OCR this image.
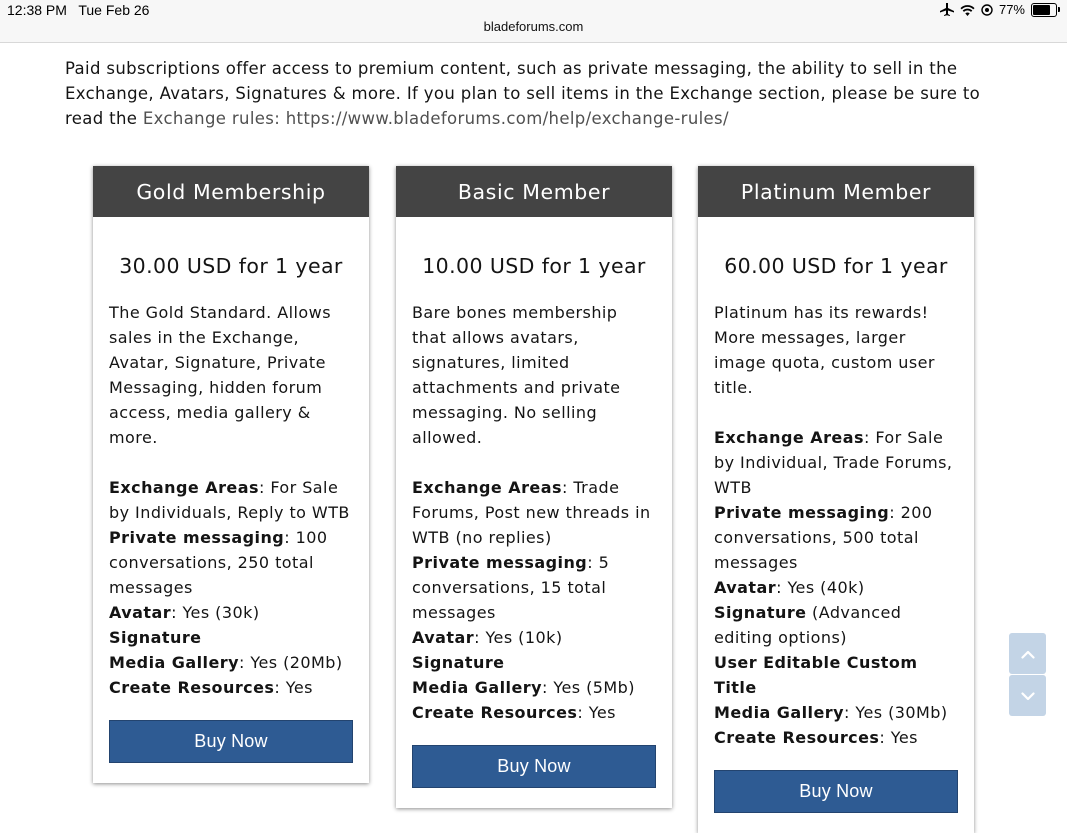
12:38 PM Tue Feb 26
bladeforums.com
77%

Paid subscriptions offer access to premium content, such as private messaging, the ability to sell in the Exchange, Avatars, Signatures & more. If you plan to sell items in the Exchange section, please be sure to read the Exchange rules: https://www.bladeforums.com/help/exchange-rules/

Gold Membership
30.00 USD for 1 year
The Gold Standard. Allows sales in the Exchange, Avatar, Signature, Private Messaging, hidden forum access, media gallery & more.
Exchange Areas: For Sale by Individuals, Reply to WTB
Private messaging: 100 conversations, 250 total messages
Avatar: Yes (30k)
Signature
Media Gallery: Yes (20Mb)
Create Resources: Yes
Buy Now
Basic Member
10.00 USD for 1 year
Bare bones membership that allows avatars, signatures, limited attachments and private messaging. No selling allowed.
Exchange Areas: Trade Forums, Post new threads in WTB (no replies)
Private messaging: 5 conversations, 15 total messages
Avatar: Yes (10k)
Signature
Media Gallery: Yes (5Mb)
Create Resources: Yes
Buy Now
Platinum Member
60.00 USD for 1 year
Platinum has its rewards! More messages, larger image quota, custom user title.
Exchange Areas: For Sale by Individual, Trade Forums, WTB
Private messaging: 200 conversations, 500 total messages
Avatar: Yes (40k)
Signature (Advanced editing options)
User Editable Custom Title
Media Gallery: Yes (30Mb)
Create Resources: Yes
Buy Now
